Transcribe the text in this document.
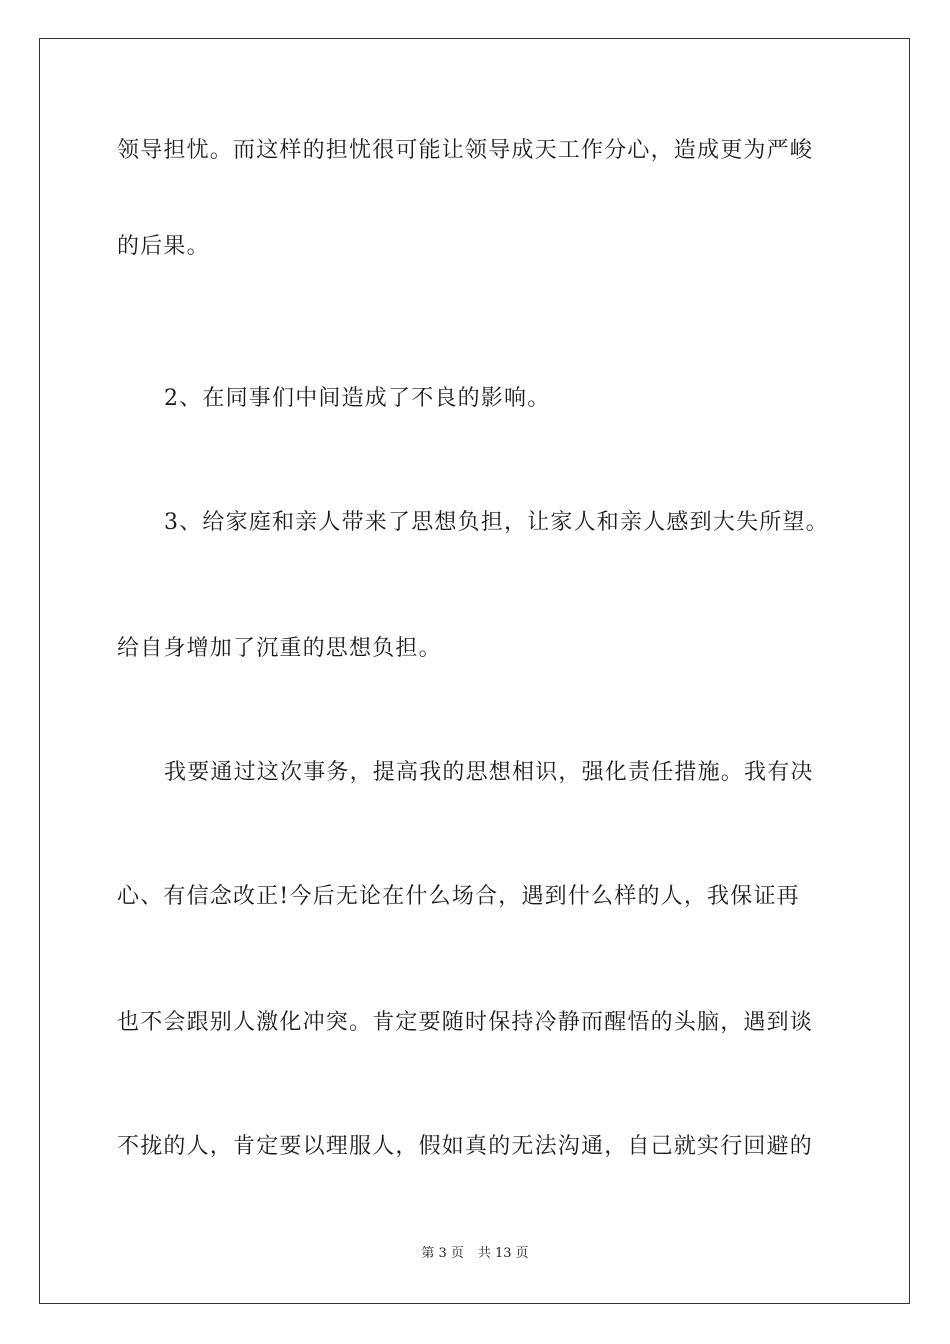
领导担忧。而这样的担忧很可能让领导成天工作分心，造成更为严峻
的后果。
2、在同事们中间造成了不良的影响。
3、给家庭和亲人带来了思想负担，让家人和亲人感到大失所望。
给自身增加了沉重的思想负担。
我要通过这次事务，提高我的思想相识，强化责任措施。我有决
心、有信念改正!今后无论在什么场合，遇到什么样的人，我保证再
也不会跟别人激化冲突。肯定要随时保持冷静而醒悟的头脑，遇到谈
不拢的人，肯定要以理服人，假如真的无法沟通，自己就实行回避的
第 3 页 共 13 页
